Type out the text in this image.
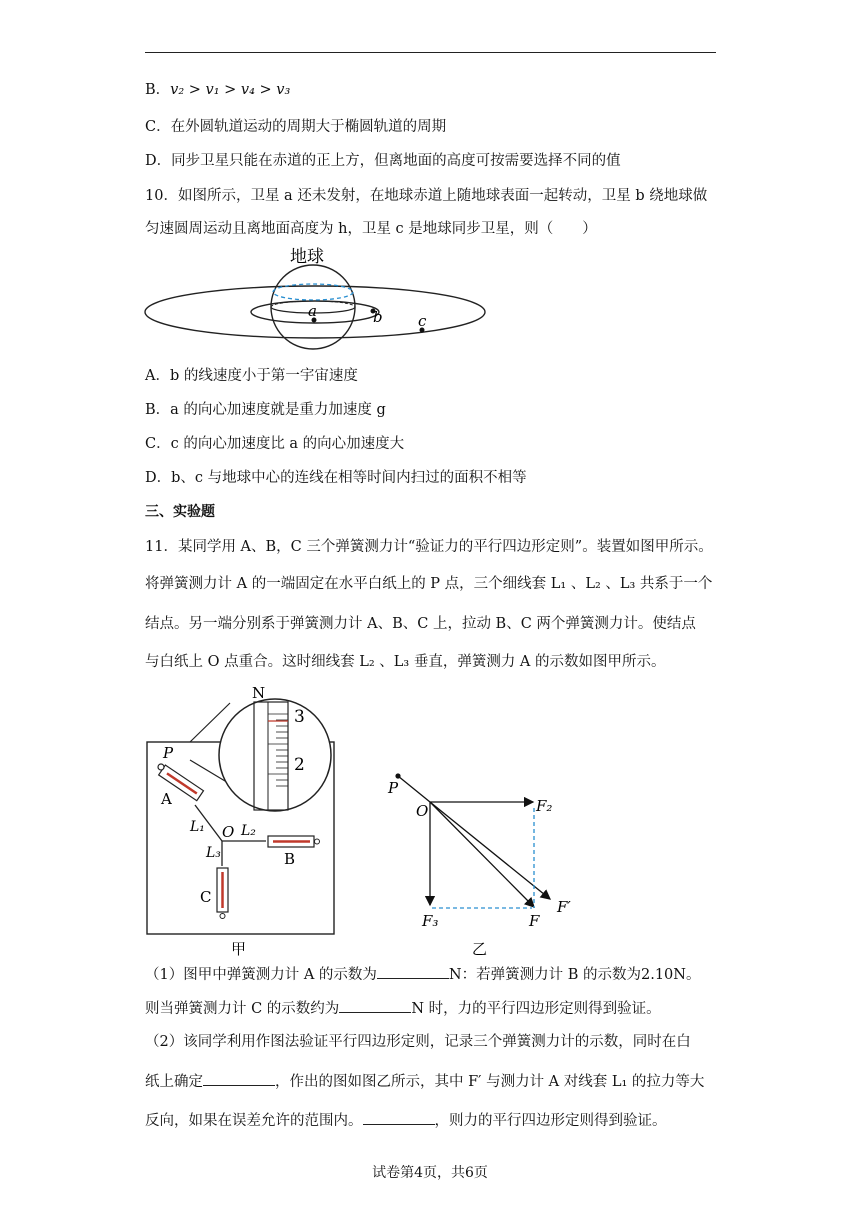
B．v₂ > v₁ > v₄ > v₃
C．在外圆轨道运动的周期大于椭圆轨道的周期
D．同步卫星只能在赤道的正上方，但离地面的高度可按需要选择不同的值
10．如图所示，卫星 a 还未发射，在地球赤道上随地球表面一起转动，卫星 b 绕地球做
匀速圆周运动且离地面高度为 h，卫星 c 是地球同步卫星，则（　　）
地球
a	b c
A．b 的线速度小于第一宇宙速度
B．a 的向心加速度就是重力加速度 g
C．c 的向心加速度比 a 的向心加速度大
D．b、c 与地球中心的连线在相等时间内扫过的面积不相等
三、实验题
11．某同学用 A、B，C 三个弹簧测力计“验证力的平行四边形定则”。装置如图甲所示。
将弹簧测力计 A 的一端固定在水平白纸上的 P 点，三个细线套 L₁ 、L₂ 、L₃ 共系于一个
结点。另一端分别系于弹簧测力计 A、B、C 上，拉动 B、C 两个弹簧测力计。使结点
与白纸上 O 点重合。这时细线套 L₂ 、L₃ 垂直，弹簧测力 A 的示数如图甲所示。
N
3
2
P
A
L₁ O L₂
L₃	B
C
甲
P
O	F₂
F₃	F
F′
乙
（1）图甲中弹簧测力计 A 的示数为	N：若弹簧测力计 B 的示数为2.10N。
则当弹簧测力计 C 的示数约为	N 时，力的平行四边形定则得到验证。
（2）该同学利用作图法验证平行四边形定则，记录三个弹簧测力计的示数，同时在白
纸上确定	，作出的图如图乙所示，其中 F′ 与测力计 A 对线套 L₁ 的拉力等大
反向，如果在误差允许的范围内。	，则力的平行四边形定则得到验证。
试卷第4页，共6页
